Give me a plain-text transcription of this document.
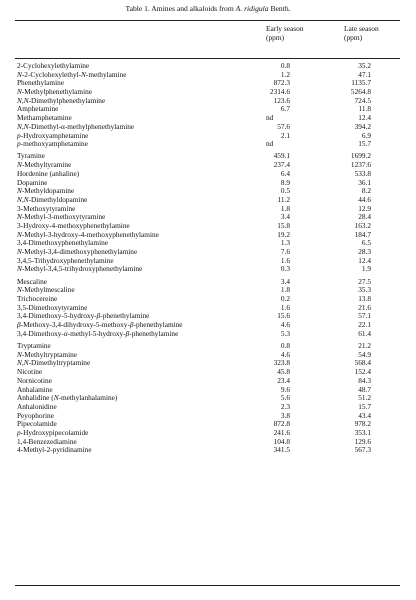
Table 1. Amines and alkaloids from A. ridigula Benth.
Early season
(ppm)
Late season
(ppm)
2-Cyclohexylethylamine	0.8	35.2
N-2-Cyclohexylethyl-N-methylamine	1.2	47.1
Phenethylamine	872.3	1135.7
N-Methylphenethylamine	2314.6	5264.8
N,N-Dimethylphenethylamine	123.6	724.5
Amphetamine	6.7	11.8
Methamphetamine	nd	12.4
N,N-Dimethyl-α-methylphenethylamine	57.6	394.2
p-Hydroxyamphetamine	2.1	6.9
p-methoxyamphetamine	nd	15.7
Tyramine	459.1	1699.2
N-Methyltyramine	237.4	1237.6
Hordenine (anhaline)	6.4	533.8
Dopamine	8.9	36.1
N-Methyldopamine	0.5	8.2
N,N-Dimethyldopamine	11.2	44.6
3-Methoxytyramine	1.8	12.9
N-Methyl-3-methoxytyramine	3.4	28.4
3-Hydroxy-4-methoxyphenethylamine	15.8	163.2
N-Methyl-3-hydroxy-4-methoxyphenethylamine	19.2	184.7
3,4-Dimethoxyphenethylamine	1.3	6.5
N-Methyl-3,4-dimethoxyphenethylamine	7.6	28.3
3,4,5-Trihydroxyphenethylamine	1.6	12.4
N-Methyl-3,4,5-trihydroxyphenethylamine	0.3	1.9
Mescaline	3.4	27.5
N-Methylmescaline	1.8	35.3
Trichocereine	0.2	13.8
3,5-Dimethoxytyramine	1.6	21.6
3,4-Dimethoxy-5-hydroxy-β-phenethylamine	15.6	57.1
β-Methoxy-3,4-dihydroxy-5-methoxy-β-phenethylamine	4.6	22.1
3,4-Dimethoxy-α-methyl-5-hydroxy-β-phenethylamine	5.3	61.4
Tryptamine	0.8	21.2
N-Methyltryptamine	4.6	54.9
N,N-Dimethyltryptamine	323.8	568.4
Nicotine	45.8	152.4
Nornicotine	23.4	84.3
Anhalamine	9.6	48.7
Anhalidine (N-methylanhalamine)	5.6	51.2
Anhalonidine	2.3	15.7
Peyophorine	3.8	43.4
Pipecolamide	872.8	978.2
p-Hydroxypipecolamide	241.6	353.1
1,4-Benzezediamine	104.8	129.6
4-Methyl-2-pyridinamine	341.5	567.3
